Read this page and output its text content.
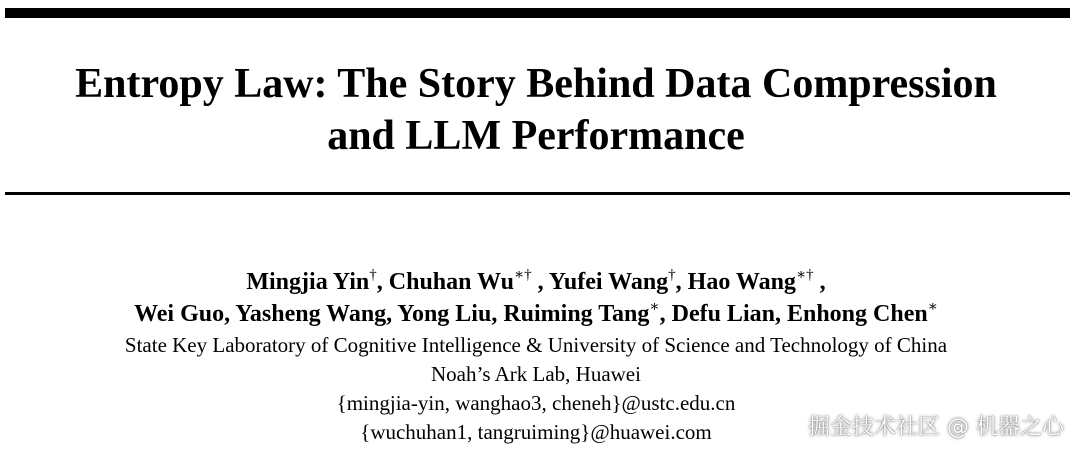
Entropy Law: The Story Behind Data Compression
and LLM Performance
Mingjia Yin†, Chuhan Wu∗† , Yufei Wang†, Hao Wang∗† ,
Wei Guo, Yasheng Wang, Yong Liu, Ruiming Tang∗, Defu Lian, Enhong Chen∗
State Key Laboratory of Cognitive Intelligence & University of Science and Technology of China
Noah’s Ark Lab, Huawei
{mingjia-yin, wanghao3, cheneh}@ustc.edu.cn
{wuchuhan1, tangruiming}@huawei.com	掘金技术社区 @ 机器之心
